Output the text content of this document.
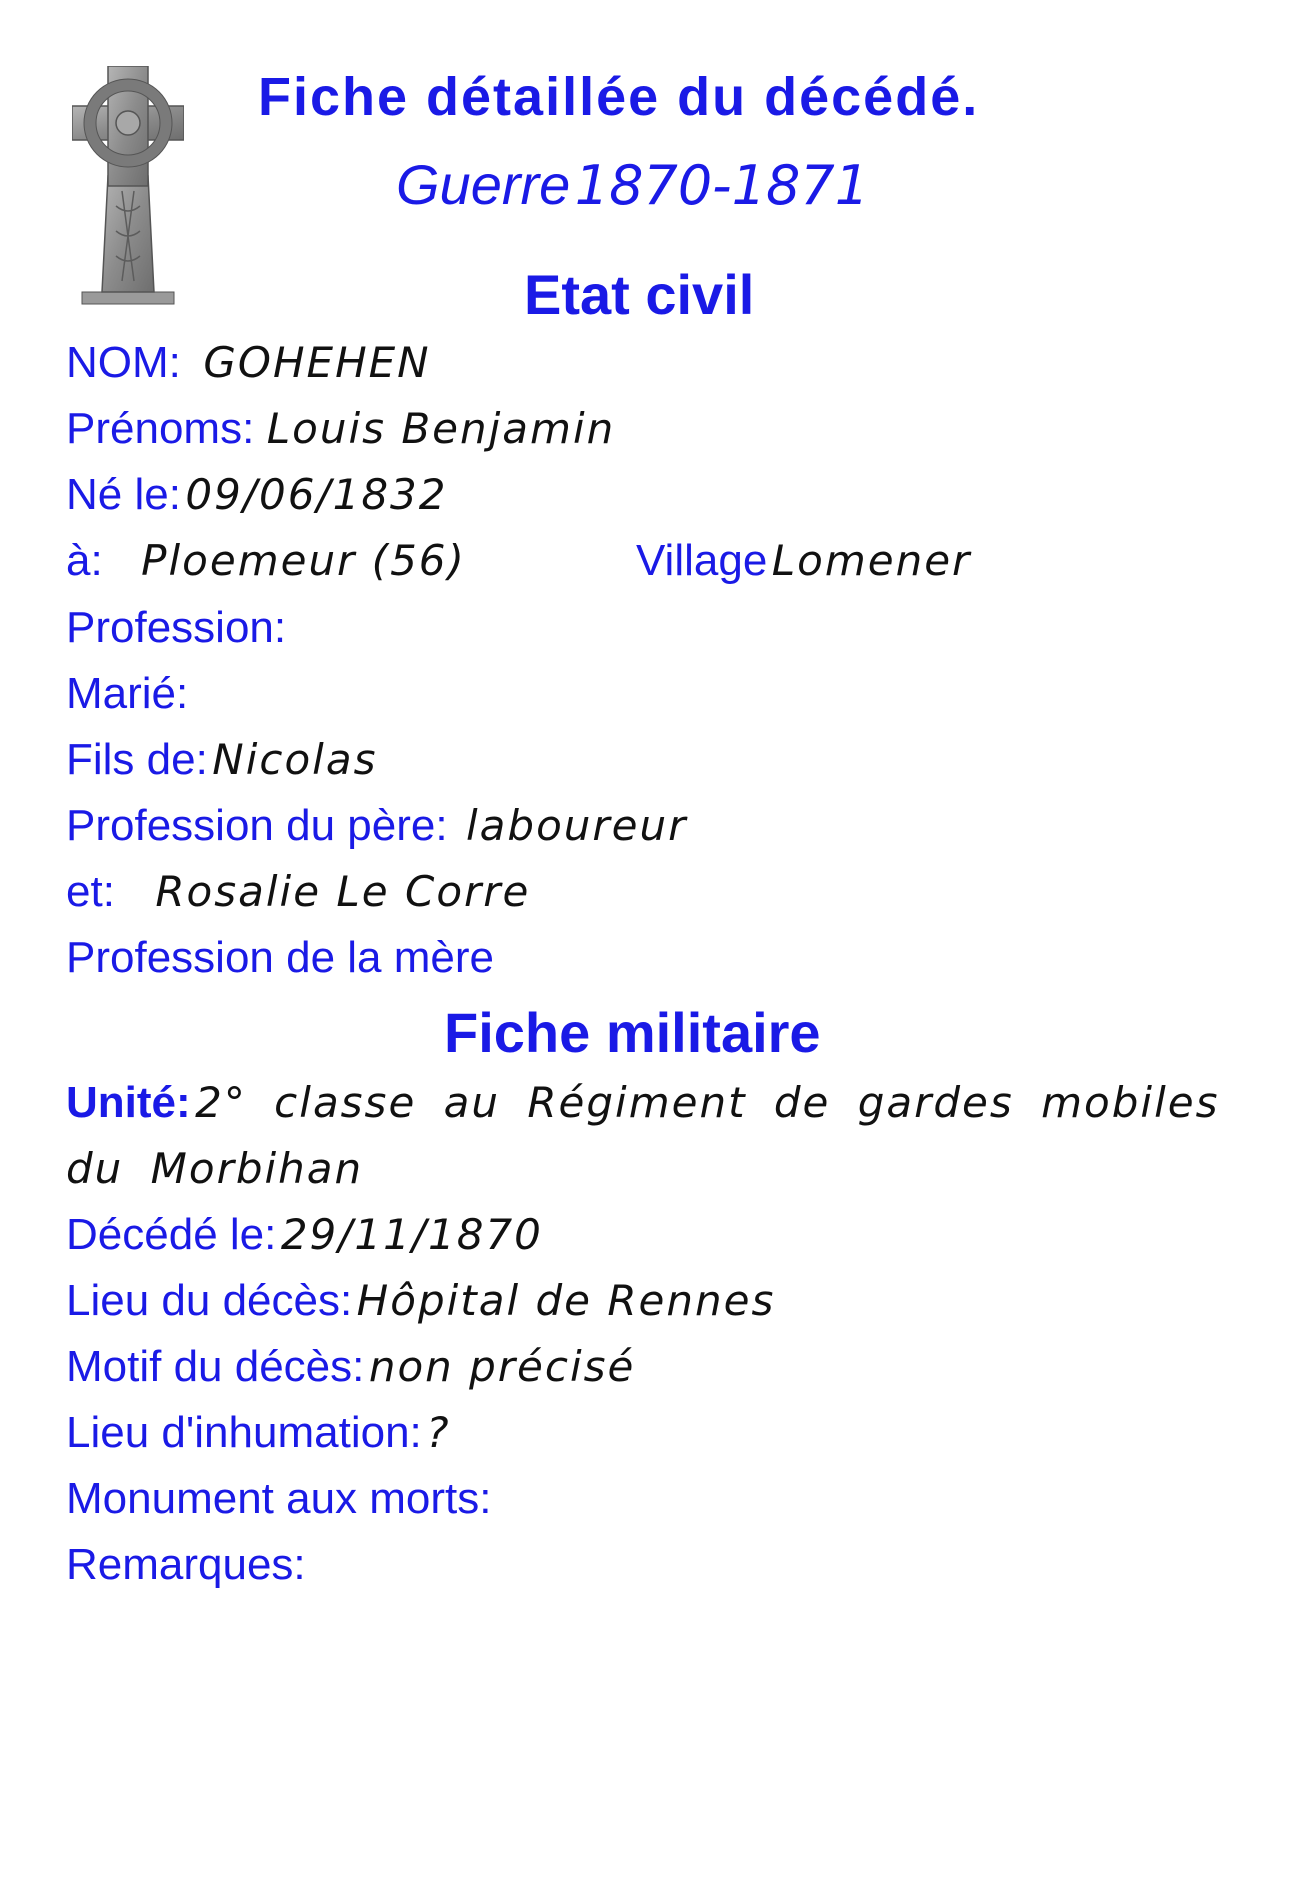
Fiche détaillée du décédé.
Guerre 1870-1871
Etat civil
NOM: GOHEHEN
Prénoms: Louis Benjamin
Né le: 09/06/1832
à: Ploemeur (56)	Village Lomener
Profession:
Marié:
Fils de: Nicolas
Profession du père: laboureur
et: Rosalie Le Corre
Profession de la mère
Fiche militaire
Unité: 2° classe au Régiment de gardes mobiles
du Morbihan
Décédé le: 29/11/1870
Lieu du décès: Hôpital de Rennes
Motif du décès: non précisé
Lieu d'inhumation: ?
Monument aux morts:
Remarques:
